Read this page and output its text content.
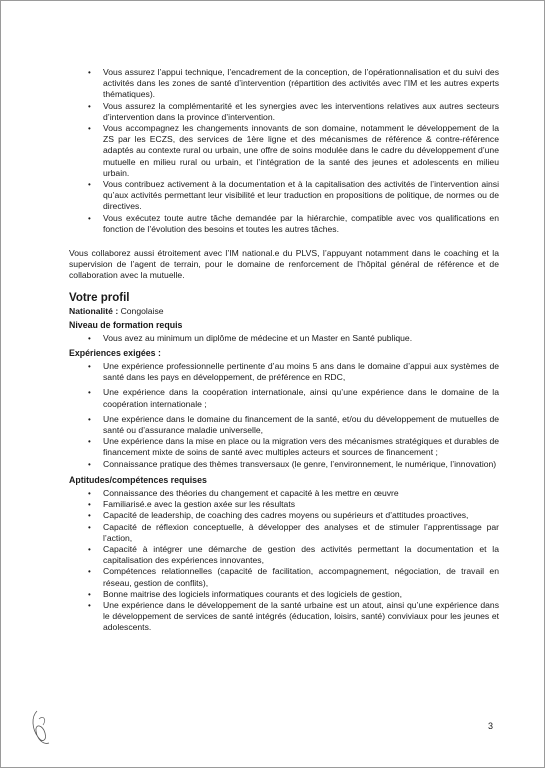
• Vous assurez l’appui technique, l’encadrement de la conception, de l’opérationnalisation et du suivi des activités dans les zones de santé d’intervention (répartition des activités avec l’IM et les autres experts thématiques).
• Vous assurez la complémentarité et les synergies avec les interventions relatives aux autres secteurs d’intervention dans la province d’intervention.
• Vous accompagnez les changements innovants de son domaine, notamment le développement de la ZS par les ECZS, des services de 1ère ligne et des mécanismes de référence & contre-référence adaptés au contexte rural ou urbain, une offre de soins modulée dans le cadre du développement d’une mutuelle en milieu rural ou urbain, et l’intégration de la santé des jeunes et adolescents en milieu urbain.
• Vous contribuez activement à la documentation et à la capitalisation des activités de l’intervention ainsi qu’aux activités permettant leur visibilité et leur traduction en propositions de politique, de normes ou de directives.
• Vous exécutez toute autre tâche demandée par la hiérarchie, compatible avec vos qualifications en fonction de l’évolution des besoins et toutes les autres tâches.

Vous collaborez aussi étroitement avec l’IM national.e du PLVS, l’appuyant notamment dans le coaching et la supervision de l’agent de terrain, pour le domaine de renforcement de l’hôpital général de référence et de collaboration avec la mutuelle.

Votre profil
Nationalité : Congolaise
Niveau de formation requis
• Vous avez au minimum un diplôme de médecine et un Master en Santé publique.
Expériences exigées :
• Une expérience professionnelle pertinente d’au moins 5 ans dans le domaine d’appui aux systèmes de santé dans les pays en développement, de préférence en RDC,
• Une expérience dans la coopération internationale, ainsi qu’une expérience dans le domaine de la coopération internationale ;
• Une expérience dans le domaine du financement de la santé, et/ou du développement de mutuelles de santé ou d’assurance maladie universelle,
• Une expérience dans la mise en place ou la migration vers des mécanismes stratégiques et durables de financement mixte de soins de santé avec multiples acteurs et sources de financement ;
• Connaissance pratique des thèmes transversaux (le genre, l’environnement, le numérique, l’innovation)
Aptitudes/compétences requises
• Connaissance des théories du changement et capacité à les mettre en œuvre
• Familiarisé.e avec la gestion axée sur les résultats
• Capacité de leadership, de coaching des cadres moyens ou supérieurs et d’attitudes proactives,
• Capacité de réflexion conceptuelle, à développer des analyses et de stimuler l’apprentissage par l’action,
• Capacité à intégrer une démarche de gestion des activités permettant la documentation et la capitalisation des expériences innovantes,
• Compétences relationnelles (capacité de facilitation, accompagnement, négociation, de travail en réseau, gestion de conflits),
• Bonne maitrise des logiciels informatiques courants et des logiciels de gestion,
• Une expérience dans le développement de la santé urbaine est un atout, ainsi qu’une expérience dans le développement de services de santé intégrés (éducation, loisirs, santé) conviviaux pour les jeunes et adolescents.
3
